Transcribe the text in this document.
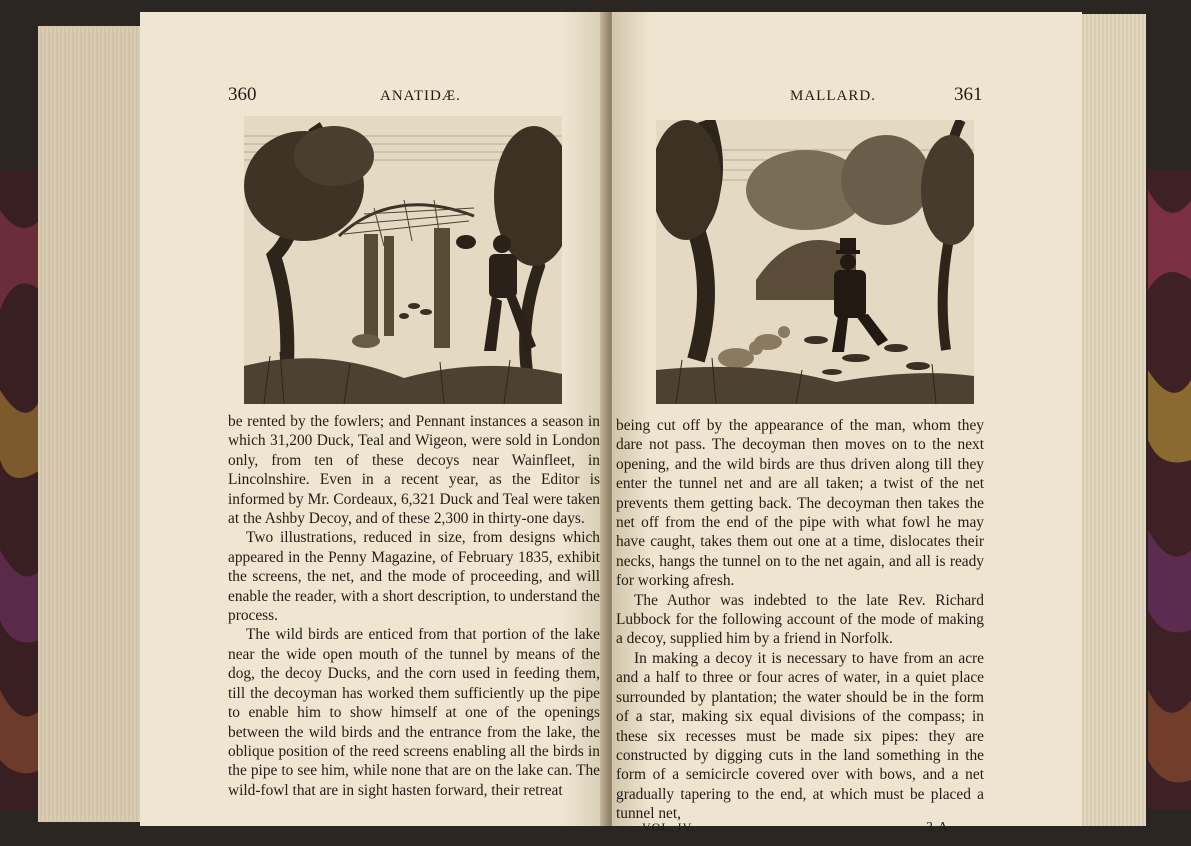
360	ANATIDÆ.

be rented by the fowlers; and Pennant instances a season in which 31,200 Duck, Teal and Wigeon, were sold in London only, from ten of these decoys near Wainfleet, in Lincolnshire. Even in a recent year, as the Editor is informed by Mr. Cordeaux, 6,321 Duck and Teal were taken at the Ashby Decoy, and of these 2,300 in thirty-one days.

Two illustrations, reduced in size, from designs which appeared in the Penny Magazine, of February 1835, exhibit the screens, the net, and the mode of proceeding, and will enable the reader, with a short description, to understand the process.

The wild birds are enticed from that portion of the lake near the wide open mouth of the tunnel by means of the dog, the decoy Ducks, and the corn used in feeding them, till the decoyman has worked them sufficiently up the pipe to enable him to show himself at one of the openings between the wild birds and the entrance from the lake, the oblique position of the reed screens enabling all the birds in the pipe to see him, while none that are on the lake can. The wild-fowl that are in sight hasten forward, their retreat

MALLARD.	361

being cut off by the appearance of the man, whom they dare not pass. The decoyman then moves on to the next opening, and the wild birds are thus driven along till they enter the tunnel net and are all taken; a twist of the net prevents them getting back. The decoyman then takes the net off from the end of the pipe with what fowl he may have caught, takes them out one at a time, dislocates their necks, hangs the tunnel on to the net again, and all is ready for working afresh.

The Author was indebted to the late Rev. Richard Lubbock for the following account of the mode of making a decoy, supplied him by a friend in Norfolk.

In making a decoy it is necessary to have from an acre and a half to three or four acres of water, in a quiet place surrounded by plantation; the water should be in the form of a star, making six equal divisions of the compass; in these six recesses must be made six pipes: they are constructed by digging cuts in the land something in the form of a semicircle covered over with bows, and a net gradually tapering to the end, at which must be placed a tunnel net,

VOL. IV.	3 A
